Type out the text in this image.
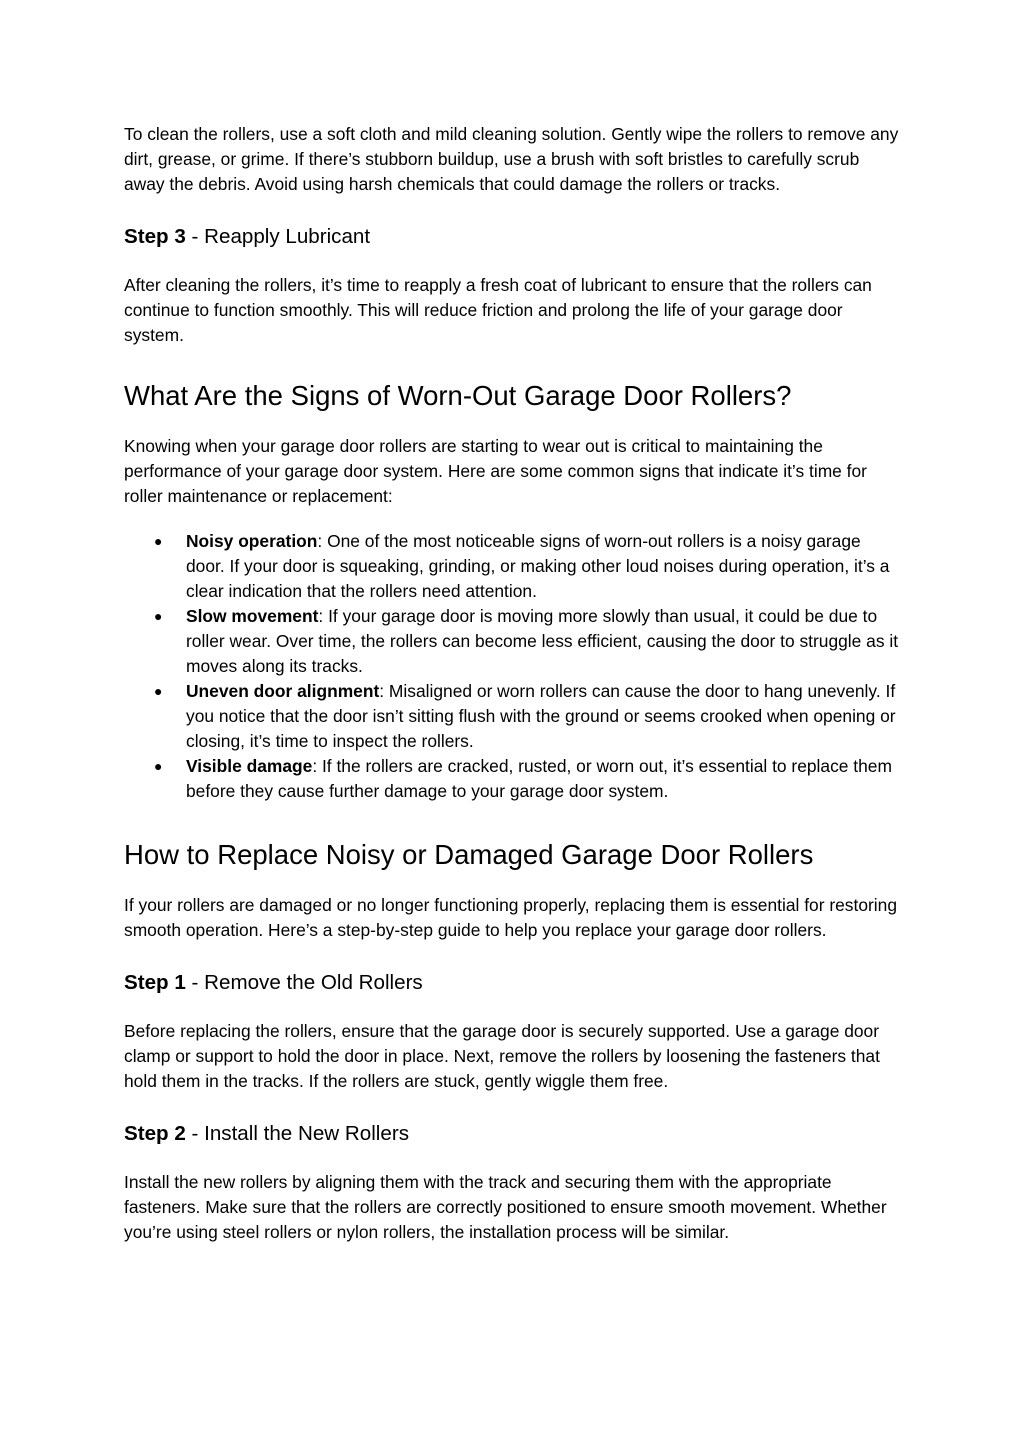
To clean the rollers, use a soft cloth and mild cleaning solution. Gently wipe the rollers to remove any dirt, grease, or grime. If there’s stubborn buildup, use a brush with soft bristles to carefully scrub away the debris. Avoid using harsh chemicals that could damage the rollers or tracks.

Step 3 - Reapply Lubricant

After cleaning the rollers, it’s time to reapply a fresh coat of lubricant to ensure that the rollers can continue to function smoothly. This will reduce friction and prolong the life of your garage door system.

What Are the Signs of Worn-Out Garage Door Rollers?

Knowing when your garage door rollers are starting to wear out is critical to maintaining the performance of your garage door system. Here are some common signs that indicate it’s time for roller maintenance or replacement:

● Noisy operation: One of the most noticeable signs of worn-out rollers is a noisy garage door. If your door is squeaking, grinding, or making other loud noises during operation, it’s a clear indication that the rollers need attention.
● Slow movement: If your garage door is moving more slowly than usual, it could be due to roller wear. Over time, the rollers can become less efficient, causing the door to struggle as it moves along its tracks.
● Uneven door alignment: Misaligned or worn rollers can cause the door to hang unevenly. If you notice that the door isn’t sitting flush with the ground or seems crooked when opening or closing, it’s time to inspect the rollers.
● Visible damage: If the rollers are cracked, rusted, or worn out, it’s essential to replace them before they cause further damage to your garage door system.
How to Replace Noisy or Damaged Garage Door Rollers

If your rollers are damaged or no longer functioning properly, replacing them is essential for restoring smooth operation. Here’s a step-by-step guide to help you replace your garage door rollers.

Step 1 - Remove the Old Rollers

Before replacing the rollers, ensure that the garage door is securely supported. Use a garage door clamp or support to hold the door in place. Next, remove the rollers by loosening the fasteners that hold them in the tracks. If the rollers are stuck, gently wiggle them free.

Step 2 - Install the New Rollers

Install the new rollers by aligning them with the track and securing them with the appropriate fasteners. Make sure that the rollers are correctly positioned to ensure smooth movement. Whether you’re using steel rollers or nylon rollers, the installation process will be similar.
